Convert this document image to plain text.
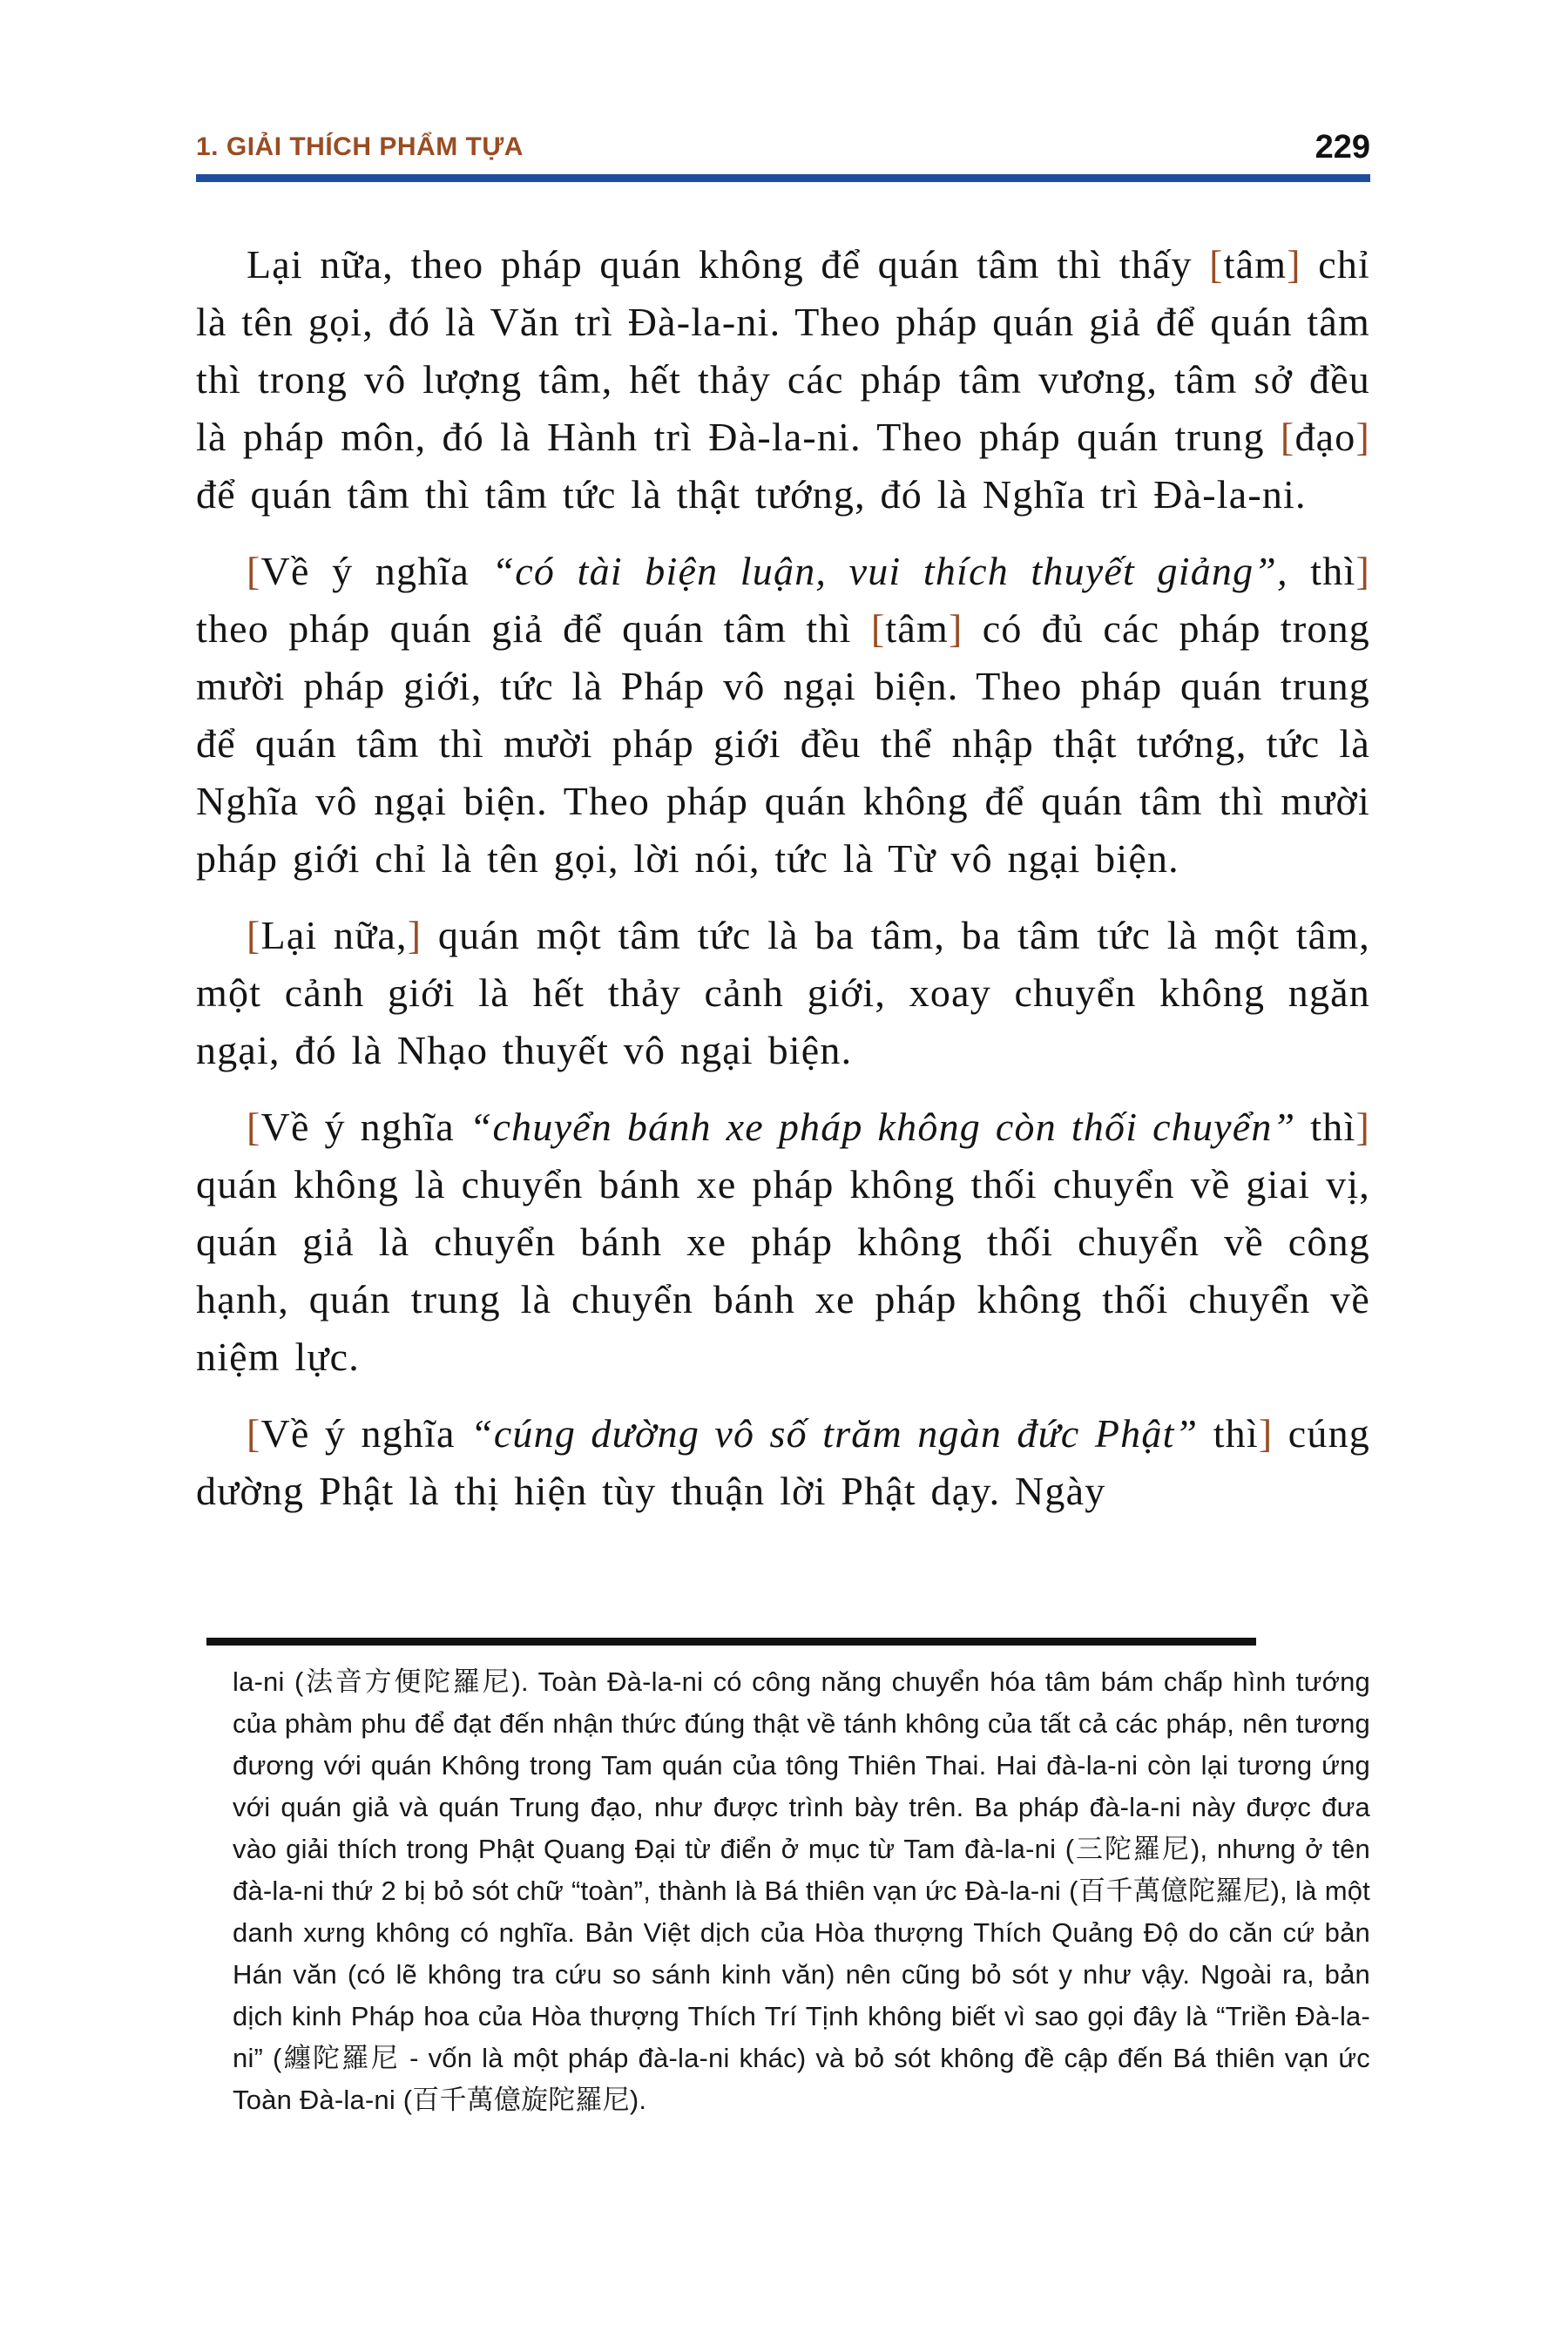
1. GIẢI THÍCH PHẨM TỰA	229

Lại nữa, theo pháp quán không để quán tâm thì thấy [tâm] chỉ là tên gọi, đó là Văn trì Đà-la-ni. Theo pháp quán giả để quán tâm thì trong vô lượng tâm, hết thảy các pháp tâm vương, tâm sở đều là pháp môn, đó là Hành trì Đà-la-ni. Theo pháp quán trung [đạo] để quán tâm thì tâm tức là thật tướng, đó là Nghĩa trì Đà-la-ni.

[Về ý nghĩa “có tài biện luận, vui thích thuyết giảng”, thì] theo pháp quán giả để quán tâm thì [tâm] có đủ các pháp trong mười pháp giới, tức là Pháp vô ngại biện. Theo pháp quán trung để quán tâm thì mười pháp giới đều thể nhập thật tướng, tức là Nghĩa vô ngại biện. Theo pháp quán không để quán tâm thì mười pháp giới chỉ là tên gọi, lời nói, tức là Từ vô ngại biện.

[Lại nữa,] quán một tâm tức là ba tâm, ba tâm tức là một tâm, một cảnh giới là hết thảy cảnh giới, xoay chuyển không ngăn ngại, đó là Nhạo thuyết vô ngại biện.

[Về ý nghĩa “chuyển bánh xe pháp không còn thối chuyển” thì] quán không là chuyển bánh xe pháp không thối chuyển về giai vị, quán giả là chuyển bánh xe pháp không thối chuyển về công hạnh, quán trung là chuyển bánh xe pháp không thối chuyển về niệm lực.

[Về ý nghĩa “cúng dường vô số trăm ngàn đức Phật” thì] cúng dường Phật là thị hiện tùy thuận lời Phật dạy. Ngày

la-ni (法音方便陀羅尼). Toàn Đà-la-ni có công năng chuyển hóa tâm bám chấp hình tướng của phàm phu để đạt đến nhận thức đúng thật về tánh không của tất cả các pháp, nên tương đương với quán Không trong Tam quán của tông Thiên Thai. Hai đà-la-ni còn lại tương ứng với quán giả và quán Trung đạo, như được trình bày trên. Ba pháp đà-la-ni này được đưa vào giải thích trong Phật Quang Đại từ điển ở mục từ Tam đà-la-ni (三陀羅尼), nhưng ở tên đà-la-ni thứ 2 bị bỏ sót chữ “toàn”, thành là Bá thiên vạn ức Đà-la-ni (百千萬億陀羅尼), là một danh xưng không có nghĩa. Bản Việt dịch của Hòa thượng Thích Quảng Độ do căn cứ bản Hán văn (có lẽ không tra cứu so sánh kinh văn) nên cũng bỏ sót y như vậy. Ngoài ra, bản dịch kinh Pháp hoa của Hòa thượng Thích Trí Tịnh không biết vì sao gọi đây là “Triền Đà-la-ni” (纏陀羅尼 - vốn là một pháp đà-la-ni khác) và bỏ sót không đề cập đến Bá thiên vạn ức Toàn Đà-la-ni (百千萬億旋陀羅尼).
